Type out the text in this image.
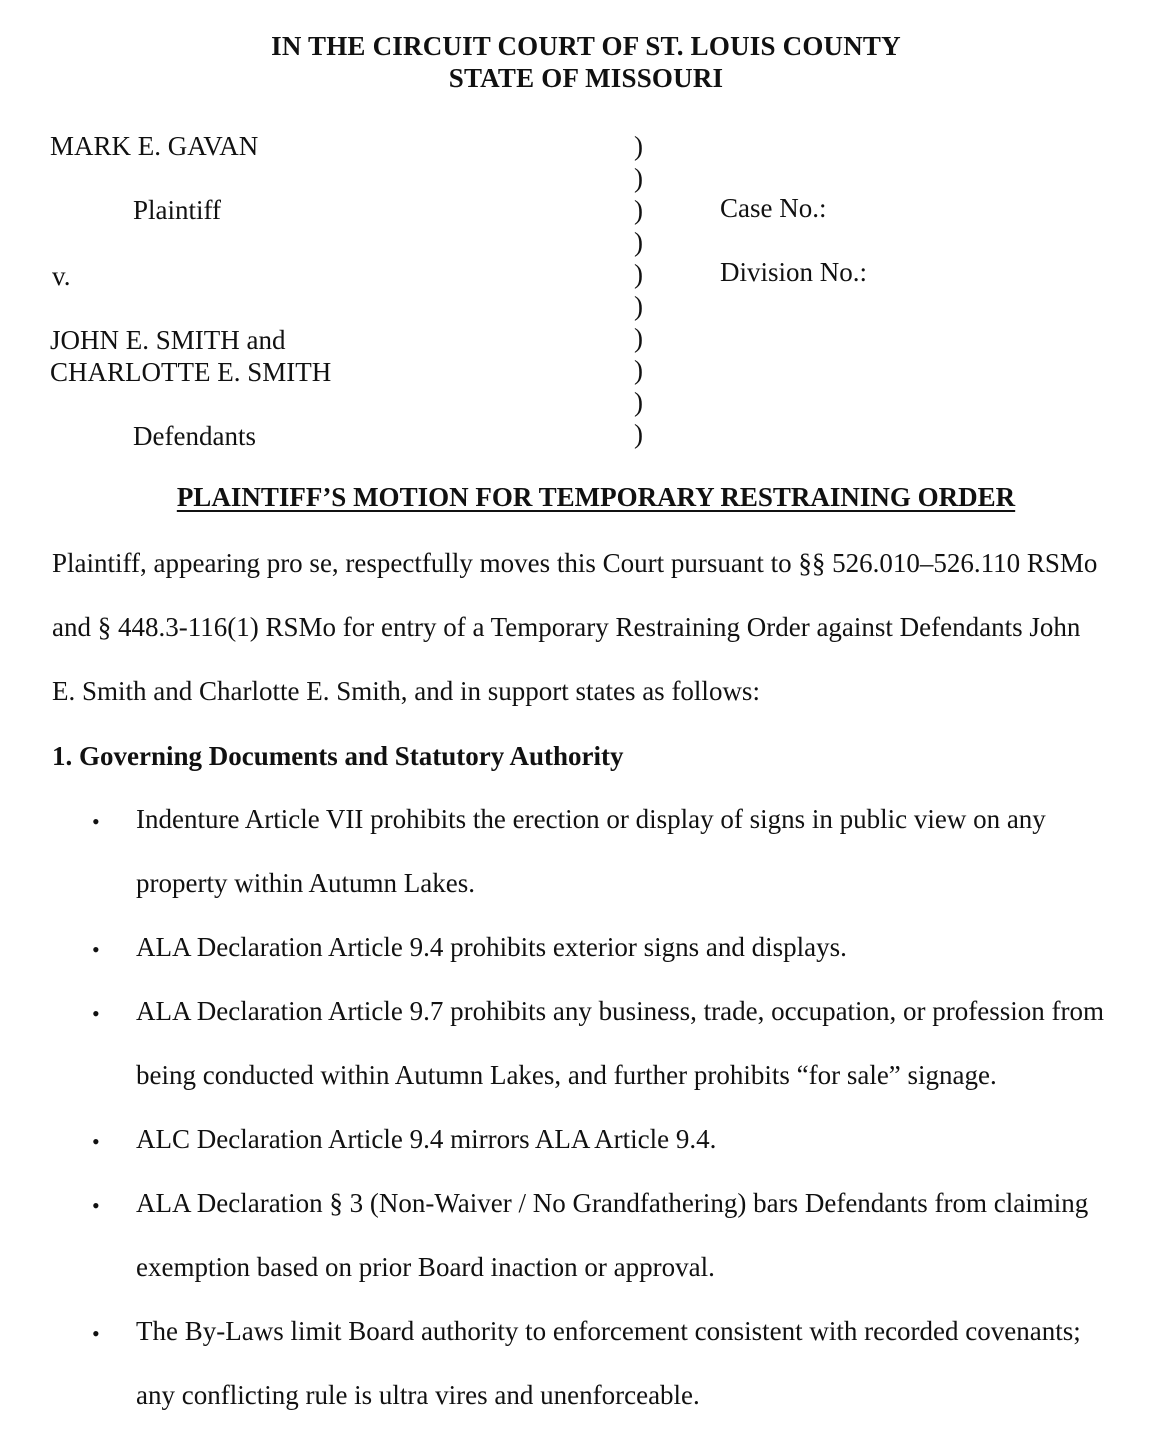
IN THE CIRCUIT COURT OF ST. LOUIS COUNTY
STATE OF MISSOURI
MARK E. GAVAN
Plaintiff
v.
JOHN E. SMITH and
CHARLOTTE E. SMITH
Defendants
)
)
)
)
)
)
)
)
)
)
Case No.:
Division No.:
PLAINTIFF’S MOTION FOR TEMPORARY RESTRAINING ORDER
Plaintiff, appearing pro se, respectfully moves this Court pursuant to §§ 526.010–526.110 RSMo
and § 448.3-116(1) RSMo for entry of a Temporary Restraining Order against Defendants John
E. Smith and Charlotte E. Smith, and in support states as follows:
1. Governing Documents and Statutory Authority
• Indenture Article VII prohibits the erection or display of signs in public view on any
property within Autumn Lakes.
• ALA Declaration Article 9.4 prohibits exterior signs and displays.
• ALA Declaration Article 9.7 prohibits any business, trade, occupation, or profession from
being conducted within Autumn Lakes, and further prohibits “for sale” signage.
• ALC Declaration Article 9.4 mirrors ALA Article 9.4.
• ALA Declaration § 3 (Non-Waiver / No Grandfathering) bars Defendants from claiming
exemption based on prior Board inaction or approval.
• The By-Laws limit Board authority to enforcement consistent with recorded covenants;
any conflicting rule is ultra vires and unenforceable.
